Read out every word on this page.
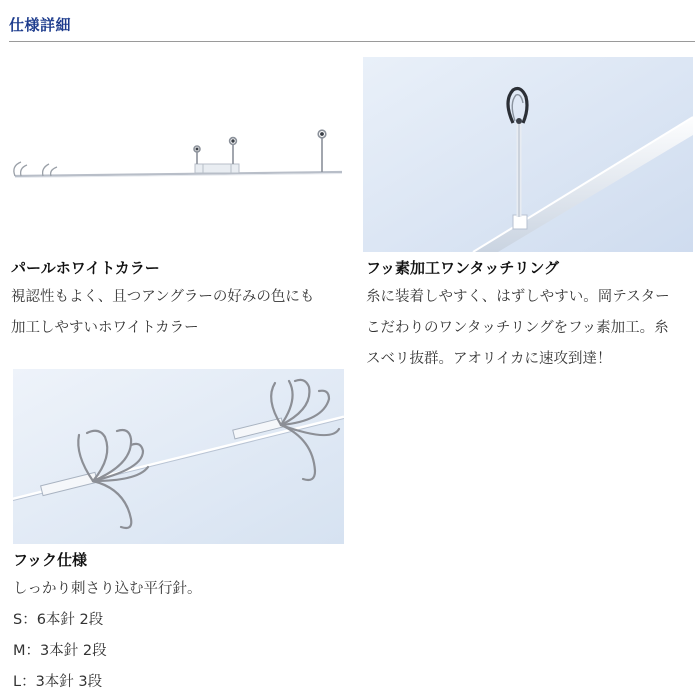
仕様詳細
パールホワイトカラー
視認性もよく、且つアングラーの好みの色にも
加工しやすいホワイトカラー
フッ素加工ワンタッチリング
糸に装着しやすく、はずしやすい。岡テスター
こだわりのワンタッチリングをフッ素加工。糸
スベリ抜群。アオリイカに速攻到達！
フック仕様
しっかり刺さり込む平行針。
S：6本針 2段
M：3本針 2段
L：3本針 3段
